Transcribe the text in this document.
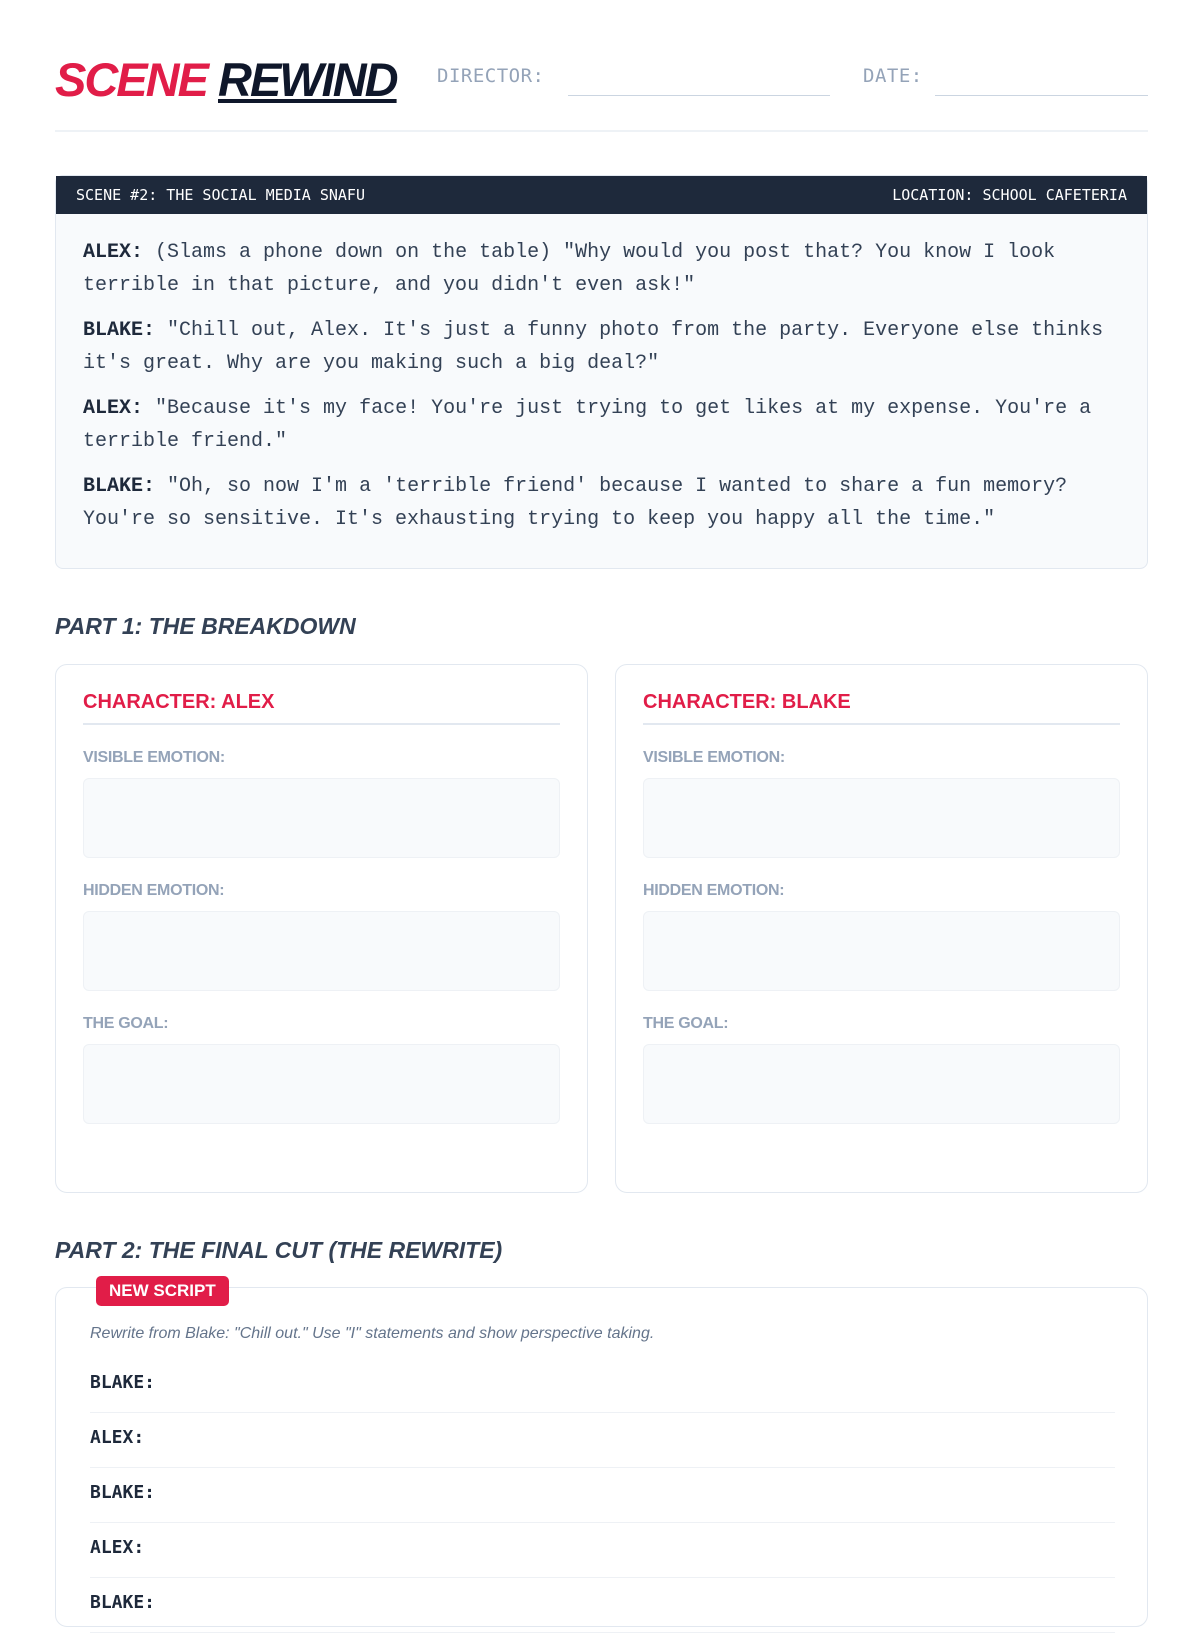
SCENE REWIND DIRECTOR:	DATE:
SCENE #2: THE SOCIAL MEDIA SNAFU	LOCATION: SCHOOL CAFETERIA

ALEX: (Slams a phone down on the table) "Why would you post that? You know I look terrible in that picture, and you didn't even ask!"

BLAKE: "Chill out, Alex. It's just a funny photo from the party. Everyone else thinks it's great. Why are you making such a big deal?"

ALEX: "Because it's my face! You're just trying to get likes at my expense. You're a terrible friend."

BLAKE: "Oh, so now I'm a 'terrible friend' because I wanted to share a fun memory? You're so sensitive. It's exhausting trying to keep you happy all the time."

PART 1: THE BREAKDOWN
CHARACTER: ALEX
VISIBLE EMOTION:
HIDDEN EMOTION:
THE GOAL:
CHARACTER: BLAKE
VISIBLE EMOTION:
HIDDEN EMOTION:
THE GOAL:
PART 2: THE FINAL CUT (THE REWRITE)
NEW SCRIPT

Rewrite from Blake: "Chill out." Use "I" statements and show perspective taking.

BLAKE:
ALEX:
BLAKE:
ALEX:
BLAKE:
